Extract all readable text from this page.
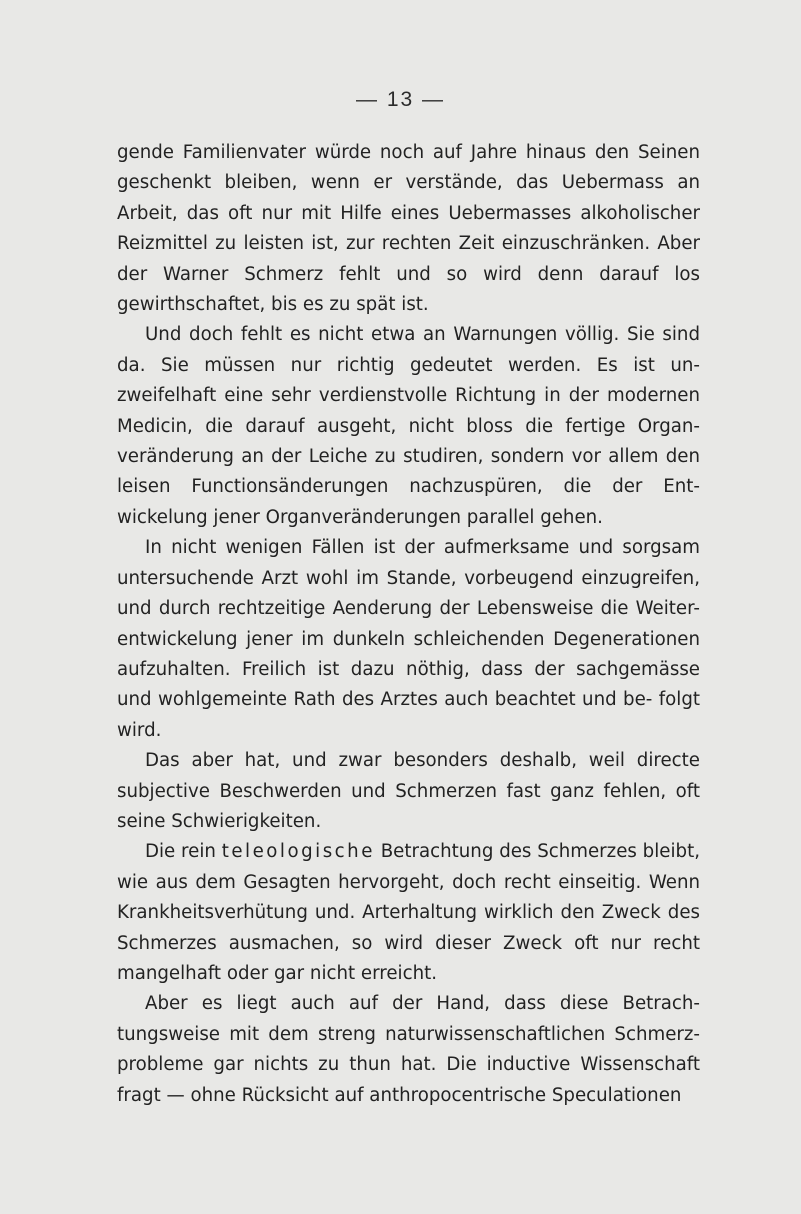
— 13 —

gende Familienvater würde noch auf Jahre hinaus den Seinen geschenkt bleiben, wenn er verstände, das Uebermass an Arbeit, das oft nur mit Hilfe eines Uebermasses alkoholischer Reizmittel zu leisten ist, zur rechten Zeit einzuschränken. Aber der Warner Schmerz fehlt und so wird denn darauf los gewirthschaftet, bis es zu spät ist.

Und doch fehlt es nicht etwa an Warnungen völlig. Sie sind da. Sie müssen nur richtig gedeutet werden. Es ist un- zweifelhaft eine sehr verdienstvolle Richtung in der modernen Medicin, die darauf ausgeht, nicht bloss die fertige Organ- veränderung an der Leiche zu studiren, sondern vor allem den leisen Functionsänderungen nachzuspüren, die der Ent- wickelung jener Organveränderungen parallel gehen.

In nicht wenigen Fällen ist der aufmerksame und sorgsam untersuchende Arzt wohl im Stande, vorbeugend einzugreifen, und durch rechtzeitige Aenderung der Lebensweise die Weiter- entwickelung jener im dunkeln schleichenden Degenerationen aufzuhalten. Freilich ist dazu nöthig, dass der sachgemässe und wohlgemeinte Rath des Arztes auch beachtet und be- folgt wird.

Das aber hat, und zwar besonders deshalb, weil directe subjective Beschwerden und Schmerzen fast ganz fehlen, oft seine Schwierigkeiten.

Die rein teleologische Betrachtung des Schmerzes bleibt, wie aus dem Gesagten hervorgeht, doch recht einseitig. Wenn Krankheitsverhütung und. Arterhaltung wirklich den Zweck des Schmerzes ausmachen, so wird dieser Zweck oft nur recht mangelhaft oder gar nicht erreicht.

Aber es liegt auch auf der Hand, dass diese Betrach- tungsweise mit dem streng naturwissenschaftlichen Schmerz- probleme gar nichts zu thun hat. Die inductive Wissenschaft fragt — ohne Rücksicht auf anthropocentrische Speculationen
